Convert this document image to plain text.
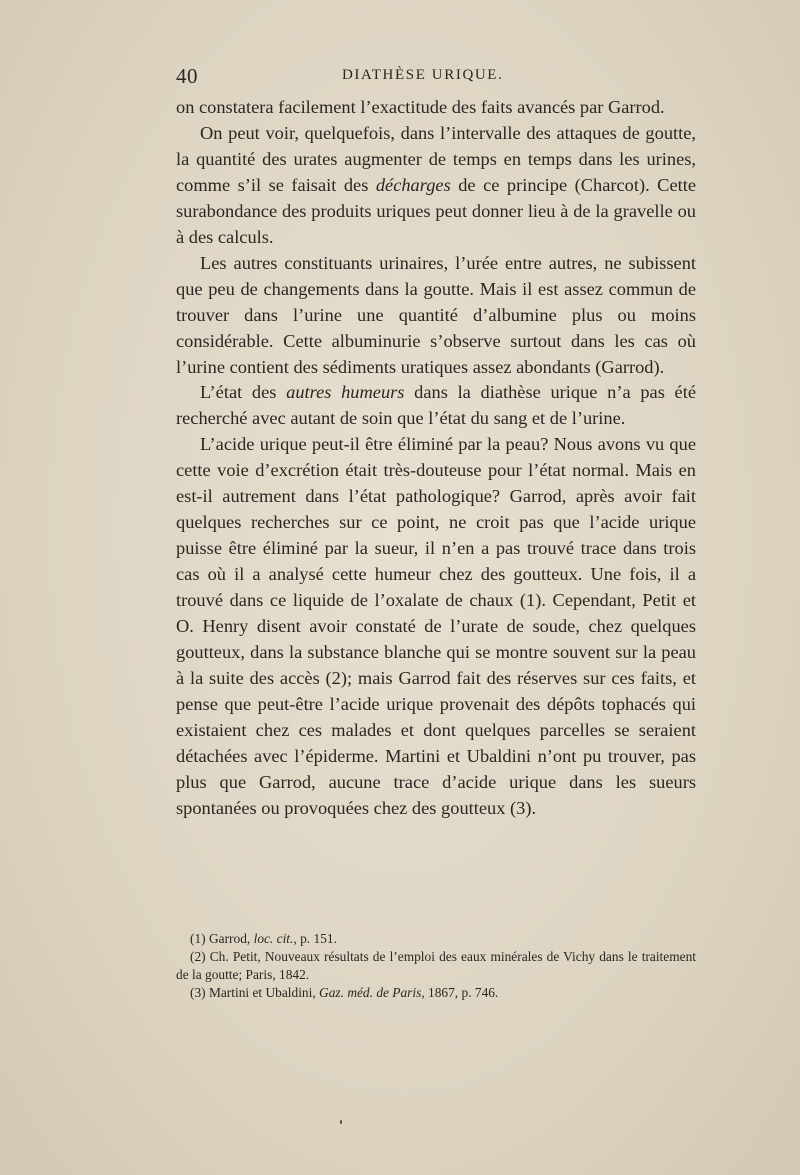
40	DIATHÈSE URIQUE.

on constatera facilement l’exactitude des faits avancés par Garrod.

On peut voir, quelquefois, dans l’intervalle des attaques de goutte, la quantité des urates augmenter de temps en temps dans les urines, comme s’il se faisait des décharges de ce principe (Charcot). Cette surabondance des produits uriques peut donner lieu à de la gravelle ou à des calculs.

Les autres constituants urinaires, l’urée entre autres, ne subissent que peu de changements dans la goutte. Mais il est assez commun de trouver dans l’urine une quantité d’albumine plus ou moins considérable. Cette albuminurie s’observe surtout dans les cas où l’urine contient des sédiments uratiques assez abondants (Garrod).

L’état des autres humeurs dans la diathèse urique n’a pas été recherché avec autant de soin que l’état du sang et de l’urine.

L’acide urique peut-il être éliminé par la peau? Nous avons vu que cette voie d’excrétion était très-douteuse pour l’état normal. Mais en est-il autrement dans l’état pathologique? Garrod, après avoir fait quelques recherches sur ce point, ne croit pas que l’acide urique puisse être éliminé par la sueur, il n’en a pas trouvé trace dans trois cas où il a analysé cette humeur chez des goutteux. Une fois, il a trouvé dans ce liquide de l’oxalate de chaux (1). Cependant, Petit et O. Henry disent avoir constaté de l’urate de soude, chez quelques goutteux, dans la substance blanche qui se montre souvent sur la peau à la suite des accès (2); mais Garrod fait des réserves sur ces faits, et pense que peut-être l’acide urique provenait des dépôts tophacés qui existaient chez ces malades et dont quelques parcelles se seraient détachées avec l’épiderme. Martini et Ubaldini n’ont pu trouver, pas plus que Garrod, aucune trace d’acide urique dans les sueurs spontanées ou provoquées chez des goutteux (3).

(1) Garrod, loc. cit., p. 151.

(2) Ch. Petit, Nouveaux résultats de l’emploi des eaux minérales de Vichy dans le traitement de la goutte; Paris, 1842.

(3) Martini et Ubaldini, Gaz. méd. de Paris, 1867, p. 746.
